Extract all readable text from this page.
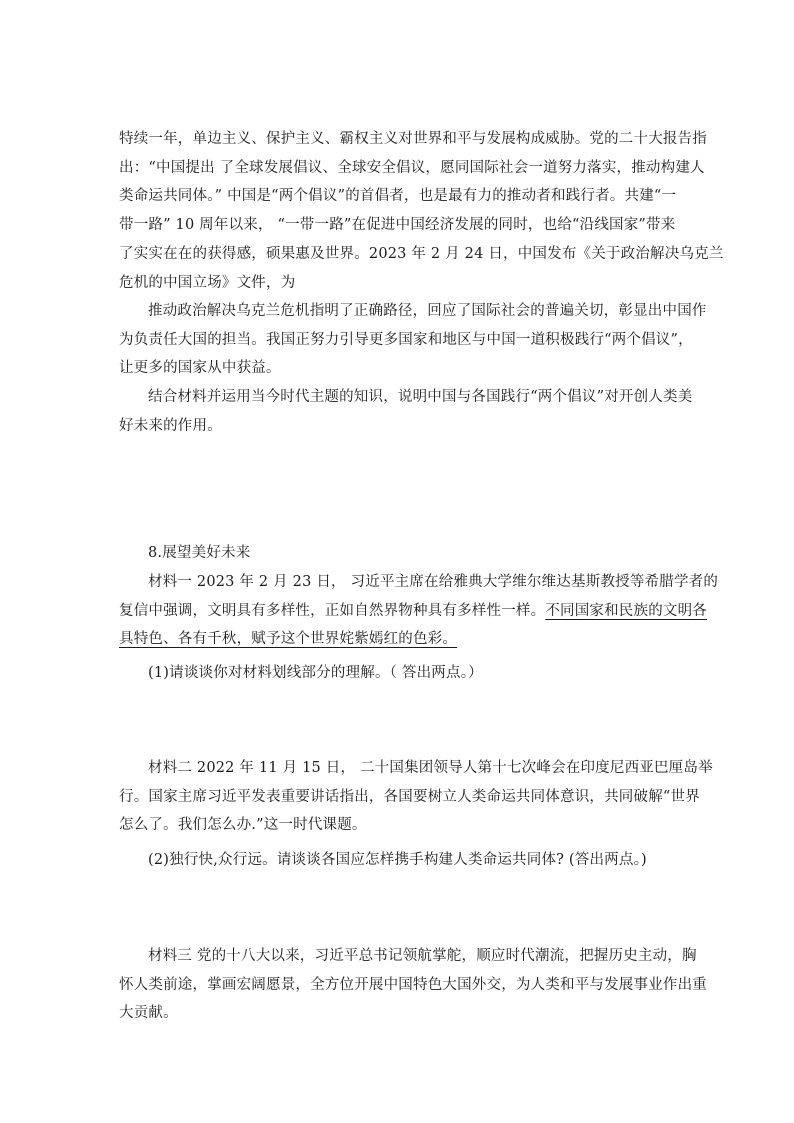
特续一年，单边主义、保护主义、霸权主义对世界和平与发展构成威胁。党的二十大报告指
出：“中国提出 了全球发展倡议、全球安全倡议，愿同国际社会一道努力落实，推动构建人
类命运共同体。” 中国是“两个倡议”的首倡者，也是最有力的推动者和践行者。共建“一
带一路” 10 周年以来， “一带一路”在促进中国经济发展的同时，也给“沿线国家”带来
了实实在在的获得感，硕果惠及世界。2023 年 2 月 24 日，中国发布《关于政治解决乌克兰
危机的中国立场》文件，为
推动政治解决乌克兰危机指明了正确路径，回应了国际社会的普遍关切，彰显出中国作
为负责任大国的担当。我国正努力引导更多国家和地区与中国一道积极践行“两个倡议”，
让更多的国家从中获益。
结合材料并运用当今时代主题的知识，说明中国与各国践行“两个倡议”对开创人类美
好未来的作用。
8.展望美好未来
材料一 2023 年 2 月 23 日， 习近平主席在给雅典大学维尔维达基斯教授等希腊学者的
复信中强调，文明具有多样性，正如自然界物种具有多样性一样。不同国家和民族的文明各
具特色、各有千秋，赋予这个世界姹紫嫣红的色彩。
(1)请谈谈你对材料划线部分的理解。（ 答出两点。）
材料二 2022 年 11 月 15 日， 二十国集团领导人第十七次峰会在印度尼西亚巴厘岛举
行。国家主席习近平发表重要讲话指出，各国要树立人类命运共同体意识，共同破解“世界
怎么了。我们怎么办.”这一时代课题。
(2)独行快,众行远。请谈谈各国应怎样携手构建人类命运共同体? (答出两点。)
材料三 党的十八大以来，习近平总书记领航掌舵，顺应时代潮流，把握历史主动，胸
怀人类前途，掌画宏阔愿景，全方位开展中国特色大国外交，为人类和平与发展事业作出重
大贡献。
